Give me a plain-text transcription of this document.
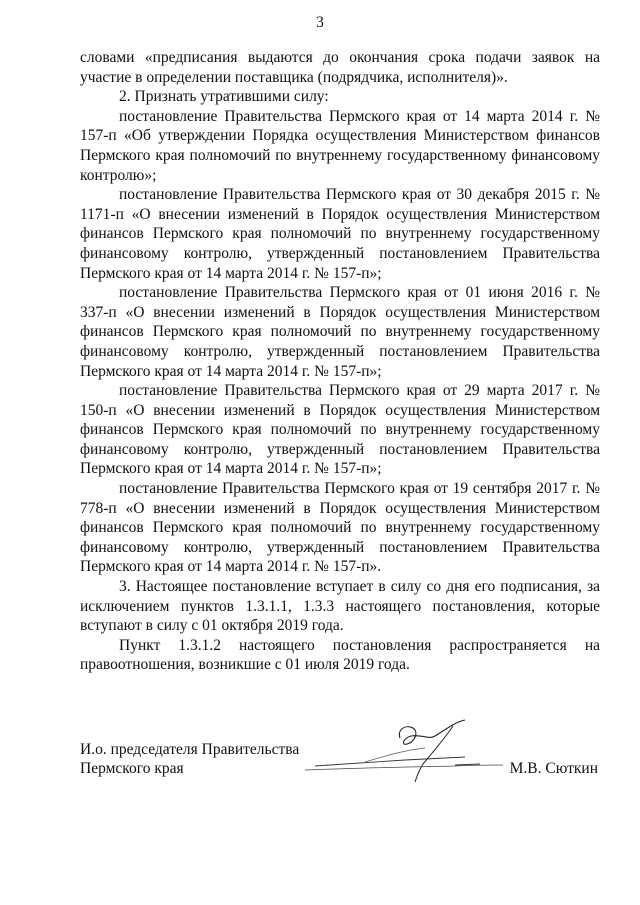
3

словами «предписания выдаются до окончания срока подачи заявок на участие в определении поставщика (подрядчика, исполнителя)».

2. Признать утратившими силу:

постановление Правительства Пермского края от 14 марта 2014 г. № 157-п «Об утверждении Порядка осуществления Министерством финансов Пермского края полномочий по внутреннему государственному финансовому контролю»;

постановление Правительства Пермского края от 30 декабря 2015 г. № 1171-п «О внесении изменений в Порядок осуществления Министерством финансов Пермского края полномочий по внутреннему государственному финансовому контролю, утвержденный постановлением Правительства Пермского края от 14 марта 2014 г. № 157-п»;

постановление Правительства Пермского края от 01 июня 2016 г. № 337-п «О внесении изменений в Порядок осуществления Министерством финансов Пермского края полномочий по внутреннему государственному финансовому контролю, утвержденный постановлением Правительства Пермского края от 14 марта 2014 г. № 157-п»;

постановление Правительства Пермского края от 29 марта 2017 г. № 150-п «О внесении изменений в Порядок осуществления Министерством финансов Пермского края полномочий по внутреннему государственному финансовому контролю, утвержденный постановлением Правительства Пермского края от 14 марта 2014 г. № 157-п»;

постановление Правительства Пермского края от 19 сентября 2017 г. № 778-п «О внесении изменений в Порядок осуществления Министерством финансов Пермского края полномочий по внутреннему государственному финансовому контролю, утвержденный постановлением Правительства Пермского края от 14 марта 2014 г. № 157-п».

3. Настоящее постановление вступает в силу со дня его подписания, за исключением пунктов 1.3.1.1, 1.3.3 настоящего постановления, которые вступают в силу с 01 октября 2019 года.

Пункт 1.3.1.2 настоящего постановления распространяется на правоотношения, возникшие с 01 июля 2019 года.

И.о. председателя Правительства
Пермского края	М.В. Сюткин
